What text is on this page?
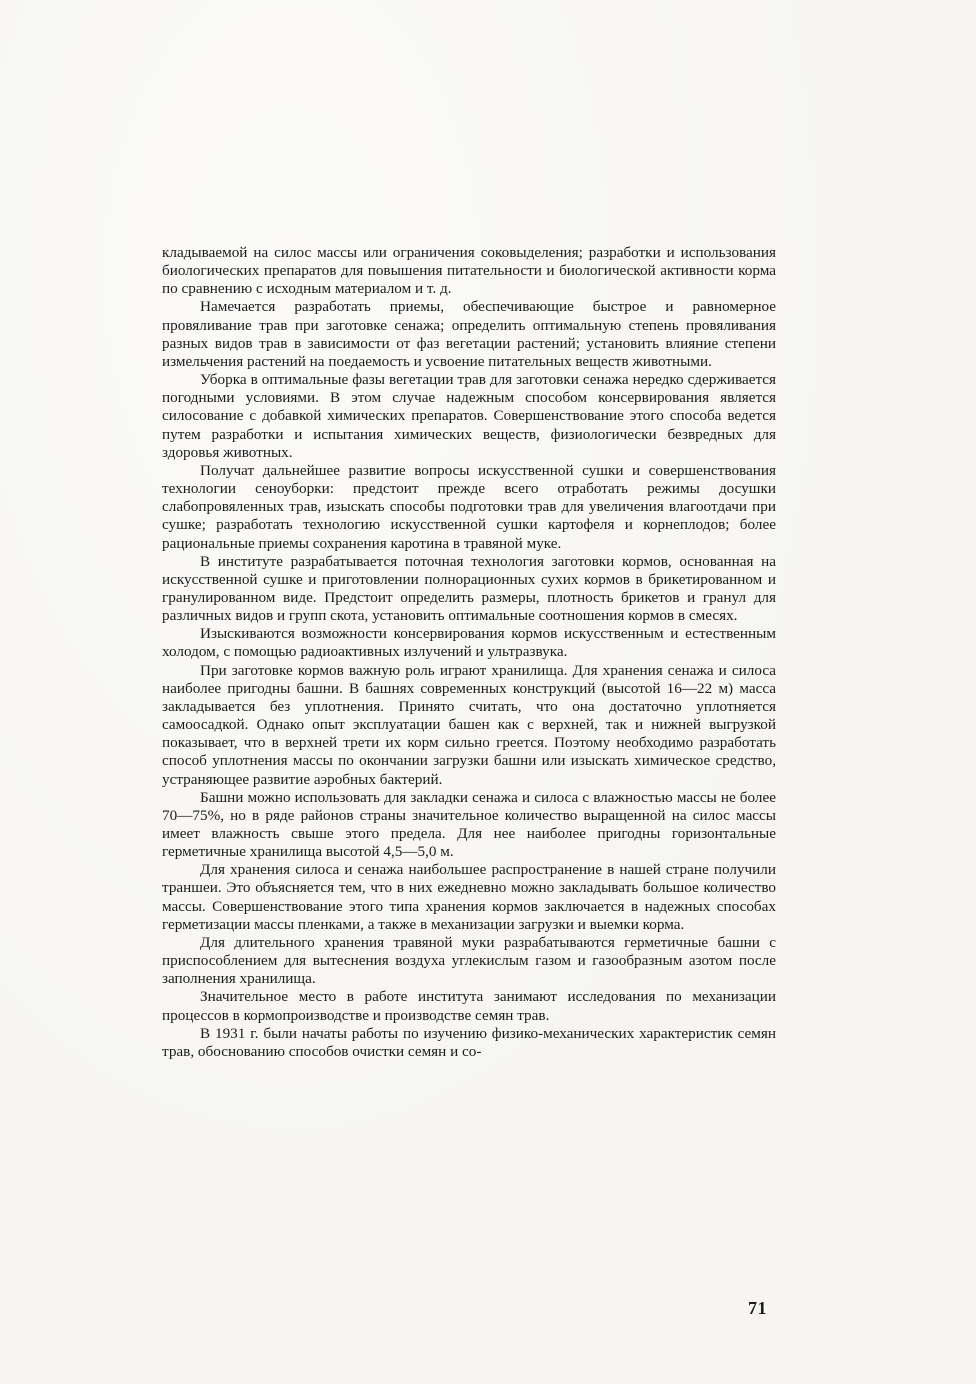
кладываемой на силос массы или ограничения соковыделения; разработки и использования биологических препаратов для повышения питательности и биологической активности корма по сравнению с исходным материалом и т. д.

Намечается разработать приемы, обеспечивающие быстрое и равномерное провяливание трав при заготовке сенажа; определить оптимальную степень провяливания разных видов трав в зависимости от фаз вегетации растений; установить влияние степени измельчения растений на поедаемость и усвоение питательных веществ животными.

Уборка в оптимальные фазы вегетации трав для заготовки сенажа нередко сдерживается погодными условиями. В этом случае надежным способом консервирования является силосование с добавкой химических препаратов. Совершенствование этого способа ведется путем разработки и испытания химических веществ, физиологически безвредных для здоровья животных.

Получат дальнейшее развитие вопросы искусственной сушки и совершенствования технологии сеноуборки: предстоит прежде всего отработать режимы досушки слабопровяленных трав, изыскать способы подготовки трав для увеличения влагоотдачи при сушке; разработать технологию искусственной сушки картофеля и корнеплодов; более рациональные приемы сохранения каротина в травяной муке.

В институте разрабатывается поточная технология заготовки кормов, основанная на искусственной сушке и приготовлении полнорационных сухих кормов в брикетированном и гранулированном виде. Предстоит определить размеры, плотность брикетов и гранул для различных видов и групп скота, установить оптимальные соотношения кормов в смесях.

Изыскиваются возможности консервирования кормов искусственным и естественным холодом, с помощью радиоактивных излучений и ультразвука.

При заготовке кормов важную роль играют хранилища. Для хранения сенажа и силоса наиболее пригодны башни. В башнях современных конструкций (высотой 16—22 м) масса закладывается без уплотнения. Принято считать, что она достаточно уплотняется самоосадкой. Однако опыт эксплуатации башен как с верхней, так и нижней выгрузкой показывает, что в верхней трети их корм сильно греется. Поэтому необходимо разработать способ уплотнения массы по окончании загрузки башни или изыскать химическое средство, устраняющее развитие аэробных бактерий.

Башни можно использовать для закладки сенажа и силоса с влажностью массы не более 70—75%, но в ряде районов страны значительное количество выращенной на силос массы имеет влажность свыше этого предела. Для нее наиболее пригодны горизонтальные герметичные хранилища высотой 4,5—5,0 м.

Для хранения силоса и сенажа наибольшее распространение в нашей стране получили траншеи. Это объясняется тем, что в них ежедневно можно закладывать большое количество массы. Совершенствование этого типа хранения кормов заключается в надежных способах герметизации массы пленками, а также в механизации загрузки и выемки корма.

Для длительного хранения травяной муки разрабатываются герметичные башни с приспособлением для вытеснения воздуха углекислым газом и газообразным азотом после заполнения хранилища.

Значительное место в работе института занимают исследования по механизации процессов в кормопроизводстве и производстве семян трав.

В 1931 г. были начаты работы по изучению физико-механических характеристик семян трав, обоснованию способов очистки семян и со-

71
